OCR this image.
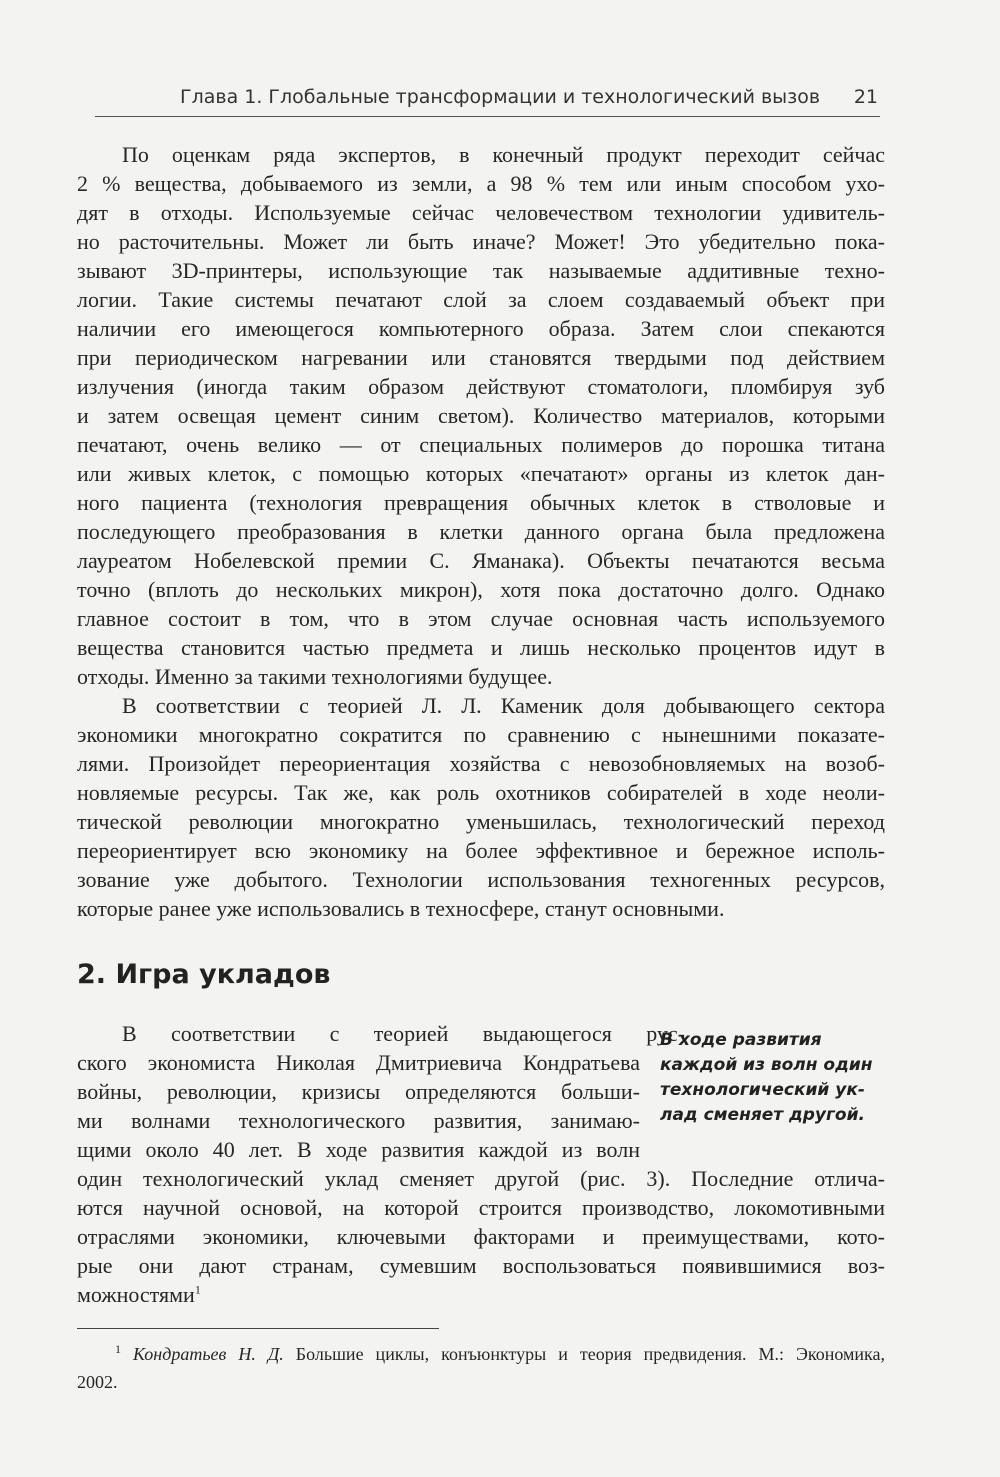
Глава 1. Глобальные трансформации и технологический вызов 21
По оценкам ряда экспертов, в конечный продукт переходит сейчас
2 % вещества, добываемого из земли, а 98 % тем или иным способом ухо-
дят в отходы. Используемые сейчас человечеством технологии удивитель-
но расточительны. Может ли быть иначе? Может! Это убедительно пока-
зывают 3D-принтеры, использующие так называемые аддитивные техно-
логии. Такие системы печатают слой за слоем создаваемый объект при
наличии его имеющегося компьютерного образа. Затем слои спекаются
при периодическом нагревании или становятся твердыми под действием
излучения (иногда таким образом действуют стоматологи, пломбируя зуб
и затем освещая цемент синим светом). Количество материалов, которыми
печатают, очень велико — от специальных полимеров до порошка титана
или живых клеток, с помощью которых «печатают» органы из клеток дан-
ного пациента (технология превращения обычных клеток в стволовые и
последующего преобразования в клетки данного органа была предложена
лауреатом Нобелевской премии С. Яманака). Объекты печатаются весьма
точно (вплоть до нескольких микрон), хотя пока достаточно долго. Однако
главное состоит в том, что в этом случае основная часть используемого
вещества становится частью предмета и лишь несколько процентов идут в
отходы. Именно за такими технологиями будущее.
В соответствии с теорией Л. Л. Каменик доля добывающего сектора
экономики многократно сократится по сравнению с нынешними показате-
лями. Произойдет переориентация хозяйства с невозобновляемых на возоб-
новляемые ресурсы. Так же, как роль охотников собирателей в ходе неоли-
тической революции многократно уменьшилась, технологический переход
переориентирует всю экономику на более эффективное и бережное исполь-
зование уже добытого. Технологии использования техногенных ресурсов,
которые ранее уже использовались в техносфере, станут основными.
2. Игра укладов
В соответствии с теорией выдающегося рус-
ского экономиста Николая Дмитриевича Кондратьева
войны, революции, кризисы определяются больши-
ми волнами технологического развития, занимаю-
щими около 40 лет. В ходе развития каждой из волн
один технологический уклад сменяет другой (рис. 3). Последние отлича-
ются научной основой, на которой строится производство, локомотивными
отраслями экономики, ключевыми факторами и преимуществами, кото-
рые они дают странам, сумевшим воспользоваться появившимися воз-
можностями$^1$
В ходе развития
каждой из волн один
технологический ук-
лад сменяет другой.
$^1$ Кондратьев Н. Д. Большие циклы, конъюнктуры и теория предвидения. М.: Экономика,
2002.
